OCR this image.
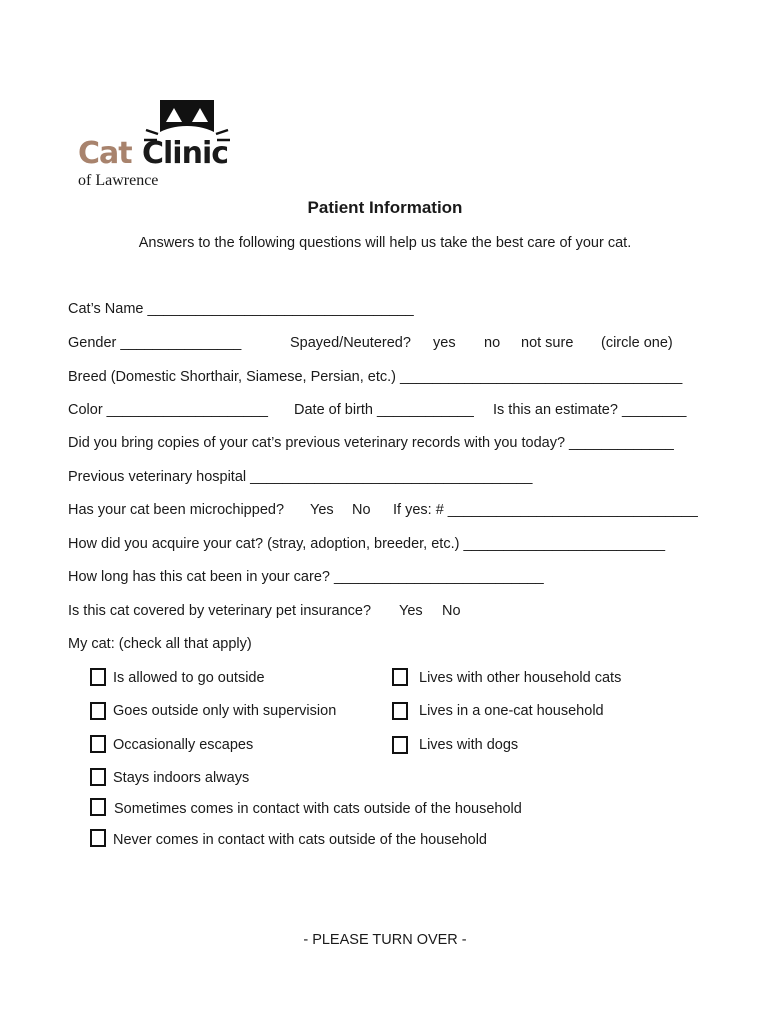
Cat Clinic
of Lawrence
Patient Information
Answers to the following questions will help us take the best care of your cat.
Cat’s Name _________________________________
Gender _______________	Spayed/Neutered? yes no not sure (circle one)
Breed (Domestic Shorthair, Siamese, Persian, etc.) ___________________________________
Color ____________________ Date of birth ____________ Is this an estimate? ________
Did you bring copies of your cat’s previous veterinary records with you today? _____________
Previous veterinary hospital ___________________________________
Has your cat been microchipped? Yes No If yes: # _______________________________
How did you acquire your cat? (stray, adoption, breeder, etc.) _________________________
How long has this cat been in your care? __________________________
Is this cat covered by veterinary pet insurance? Yes No
My cat: (check all that apply)
Is allowed to go outside
Goes outside only with supervision
Occasionally escapes
Stays indoors always
Sometimes comes in contact with cats outside of the household
Never comes in contact with cats outside of the household
Lives with other household cats
Lives in a one-cat household
Lives with dogs
- PLEASE TURN OVER -
